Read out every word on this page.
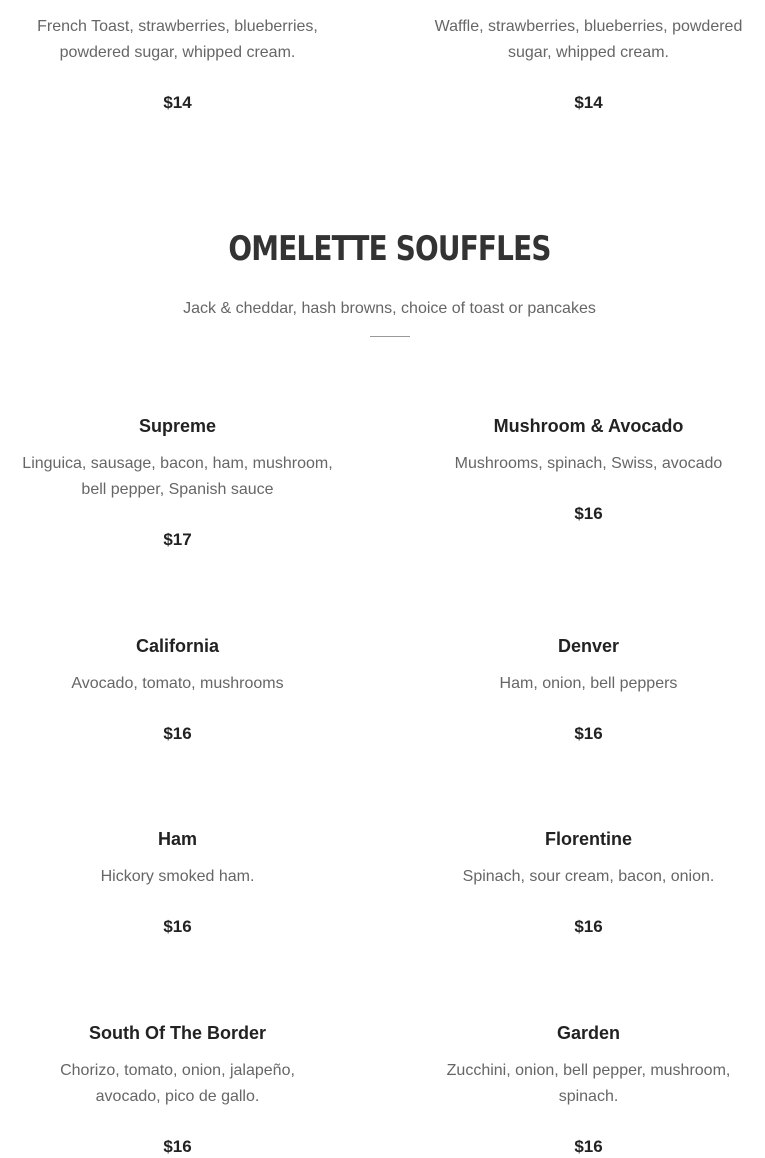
French Toast, strawberries, blueberries, powdered sugar, whipped cream.
$14
Waffle, strawberries, blueberries, powdered sugar, whipped cream.
$14
OMELETTE SOUFFLES
Jack & cheddar, hash browns, choice of toast or pancakes
Supreme
Linguica, sausage, bacon, ham, mushroom, bell pepper, Spanish sauce
$17
Mushroom & Avocado
Mushrooms, spinach, Swiss, avocado
$16
California
Avocado, tomato, mushrooms
$16
Denver
Ham, onion, bell peppers
$16
Ham
Hickory smoked ham.
$16
Florentine
Spinach, sour cream, bacon, onion.
$16
South Of The Border
Chorizo, tomato, onion, jalapeño, avocado, pico de gallo.
$16
Garden
Zucchini, onion, bell pepper, mushroom, spinach.
$16
